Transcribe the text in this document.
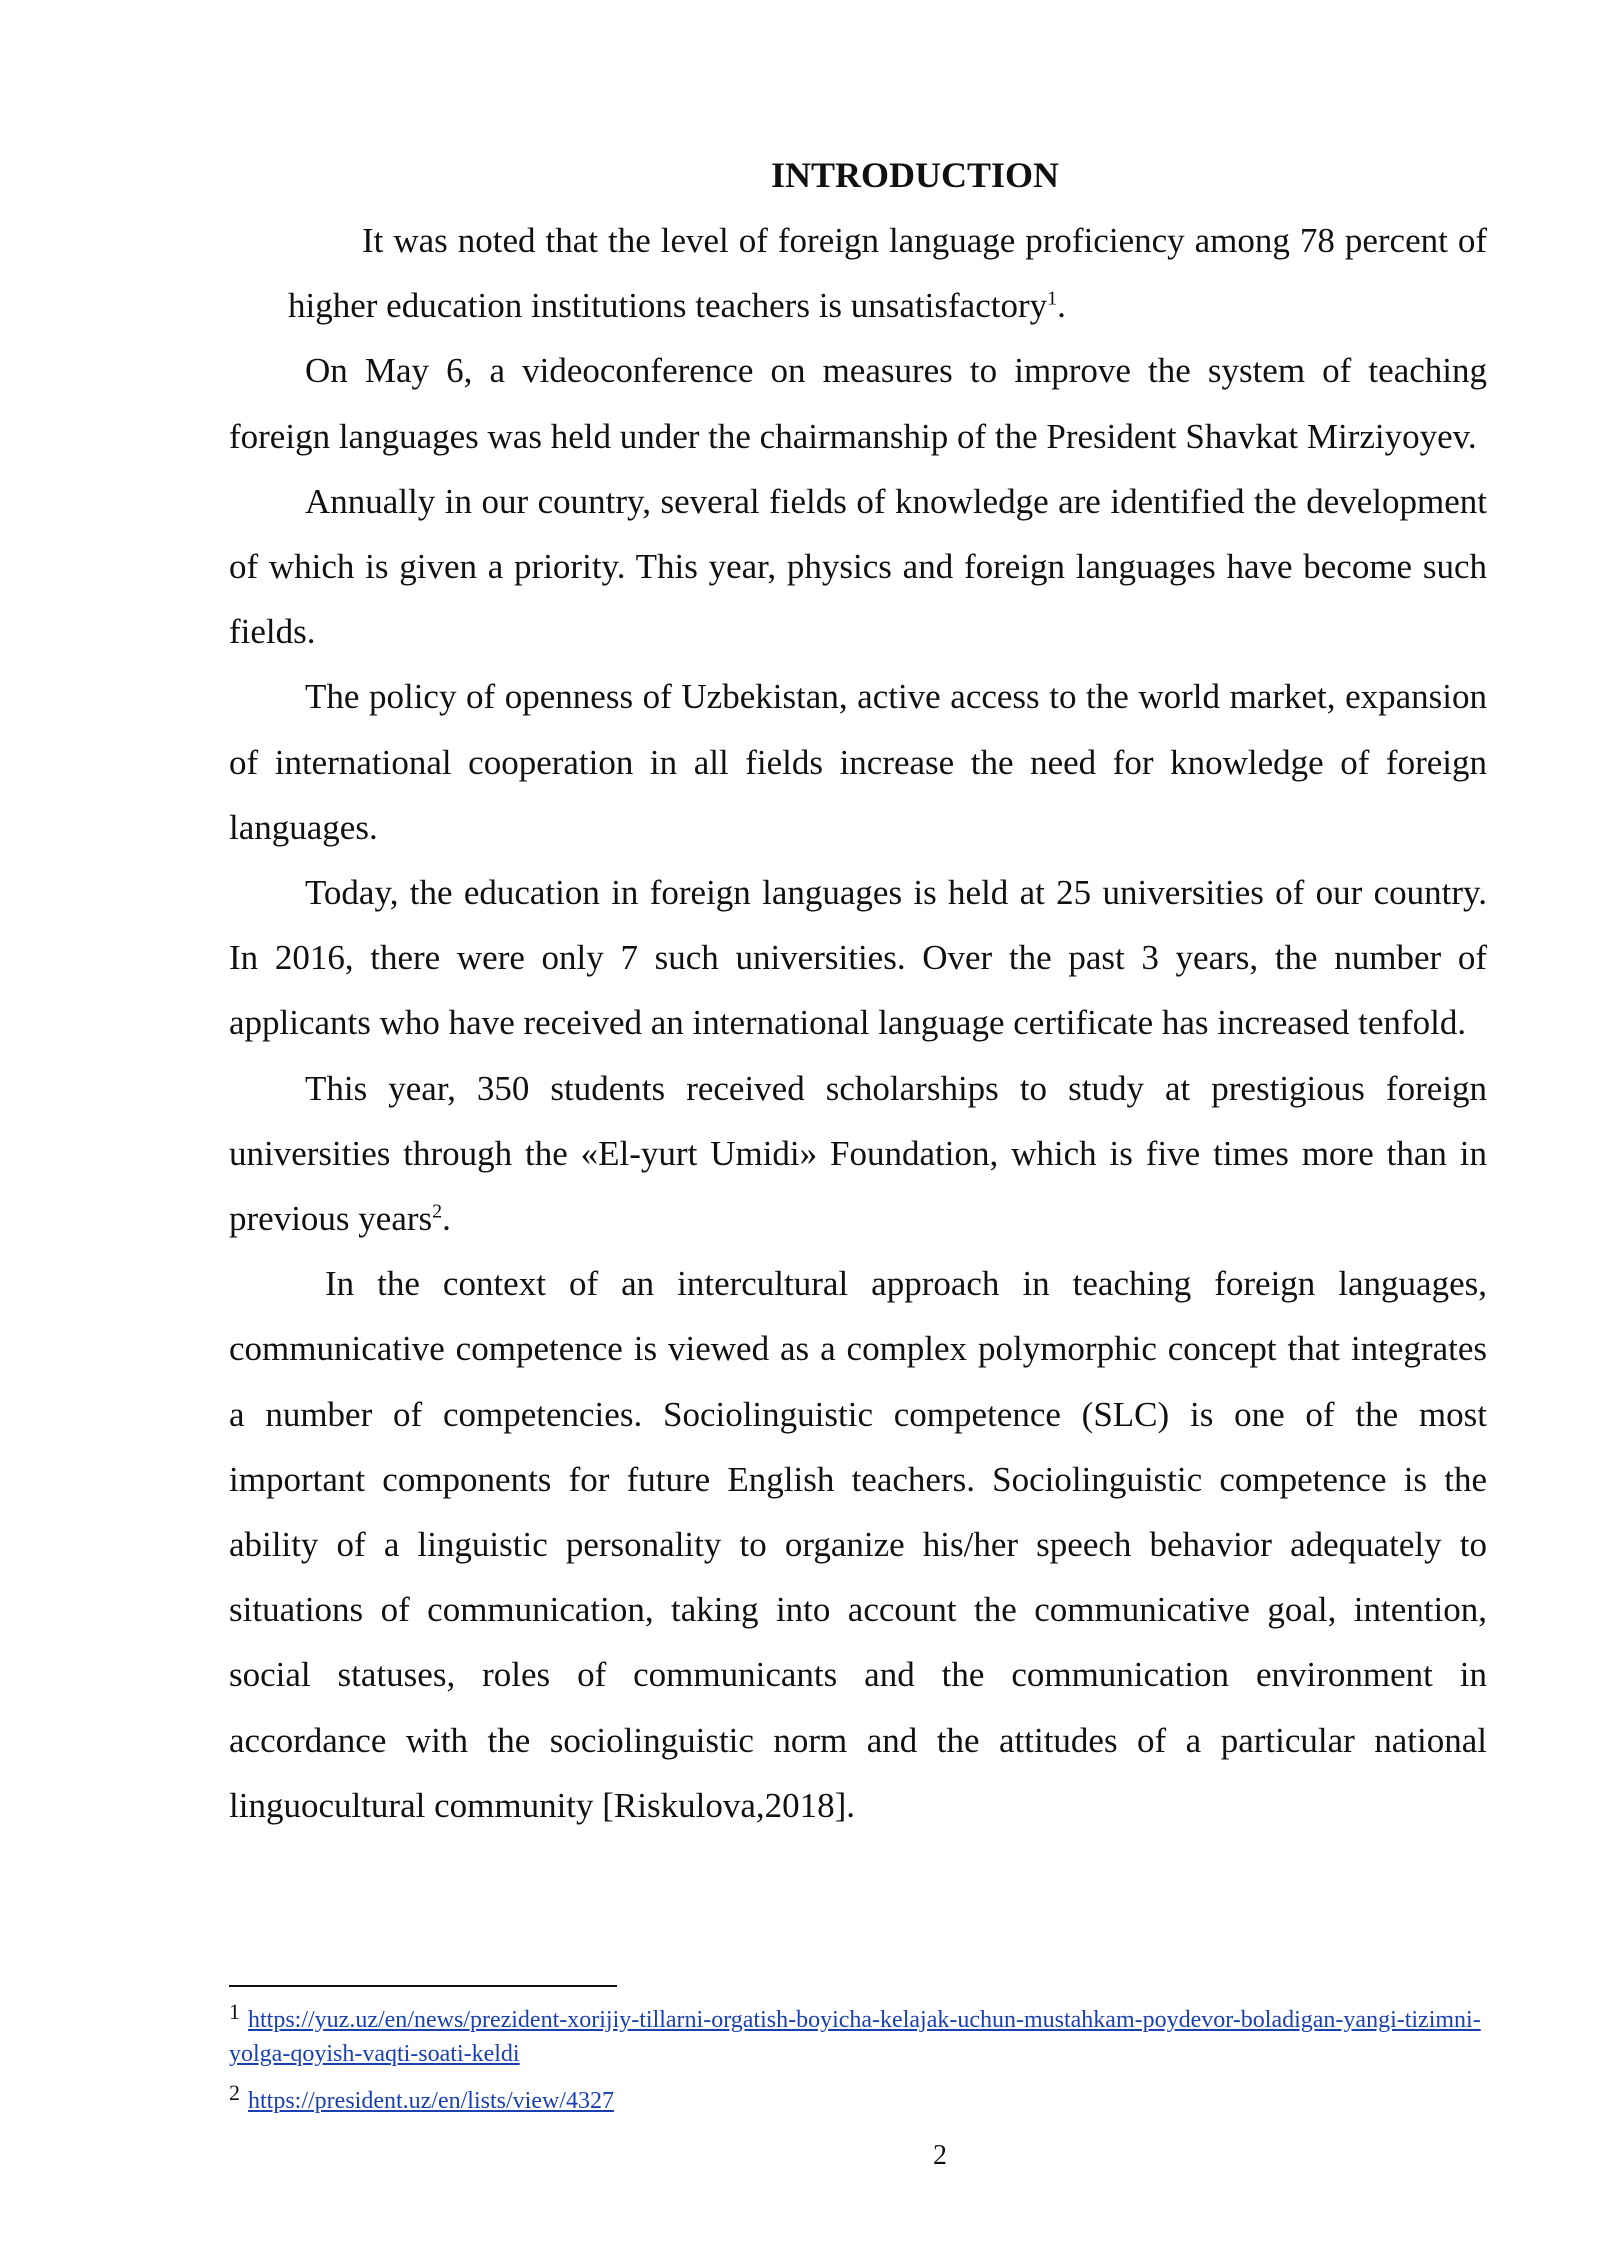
INTRODUCTION

It was noted that the level of foreign language proficiency among 78 percent of higher education institutions teachers is unsatisfactory$^1$.

On May 6, a videoconference on measures to improve the system of teaching foreign languages was held under the chairmanship of the President Shavkat Mirziyoyev.

Annually in our country, several fields of knowledge are identified the development of which is given a priority. This year, physics and foreign languages have become such fields.

The policy of openness of Uzbekistan, active access to the world market, expansion of international cooperation in all fields increase the need for knowledge of foreign languages.

Today, the education in foreign languages is held at 25 universities of our country. In 2016, there were only 7 such universities. Over the past 3 years, the number of applicants who have received an international language certificate has increased tenfold.

This year, 350 students received scholarships to study at prestigious foreign universities through the «El-yurt Umidi» Foundation, which is five times more than in previous years$^2$.

In the context of an intercultural approach in teaching foreign languages, communicative competence is viewed as a complex polymorphic concept that integrates a number of competencies. Sociolinguistic competence (SLC) is one of the most important components for future English teachers. Sociolinguistic competence is the ability of a linguistic personality to organize his/her speech behavior adequately to situations of communication, taking into account the communicative goal, intention, social statuses, roles of communicants and the communication environment in accordance with the sociolinguistic norm and the attitudes of a particular national linguocultural community [Riskulova,2018].

1 https://yuz.uz/en/news/prezident-xorijiy-tillarni-orgatish-boyicha-kelajak-uchun-mustahkam-poydevor-boladigan-yangi-tizimni-yolga-qoyish-vaqti-soati-keldi

2 https://president.uz/en/lists/view/4327

2
